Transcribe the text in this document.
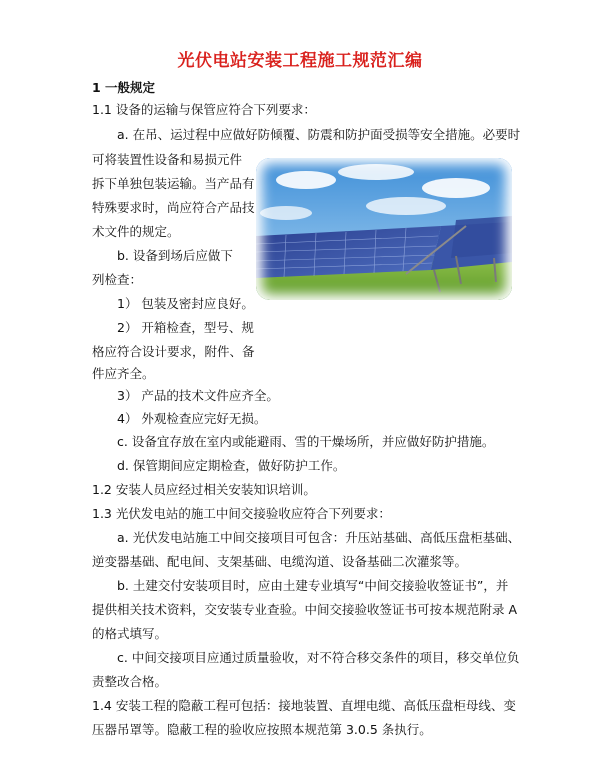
光伏电站安装工程施工规范汇编
1 一般规定
1.1 设备的运输与保管应符合下列要求：
a. 在吊、运过程中应做好防倾覆、防震和防护面受损等安全措施。必要时
可将装置性设备和易损元件
拆下单独包装运输。当产品有
特殊要求时，尚应符合产品技
术文件的规定。
b. 设备到场后应做下
列检查：
1） 包装及密封应良好。
2） 开箱检查，型号、规
格应符合设计要求，附件、备
件应齐全。
3） 产品的技术文件应齐全。
4） 外观检查应完好无损。
c. 设备宜存放在室内或能避雨、雪的干燥场所，并应做好防护措施。
d. 保管期间应定期检查，做好防护工作。
1.2 安装人员应经过相关安装知识培训。
1.3 光伏发电站的施工中间交接验收应符合下列要求：
a. 光伏发电站施工中间交接项目可包含：升压站基础、高低压盘柜基础、
逆变器基础、配电间、支架基础、电缆沟道、设备基础二次灌浆等。
b. 土建交付安装项目时，应由土建专业填写“中间交接验收签证书”，并
提供相关技术资料，交安装专业查验。中间交接验收签证书可按本规范附录 A
的格式填写。
c. 中间交接项目应通过质量验收，对不符合移交条件的项目，移交单位负
责整改合格。
1.4 安装工程的隐蔽工程可包括：接地装置、直埋电缆、高低压盘柜母线、变
压器吊罩等。隐蔽工程的验收应按照本规范第 3.0.5 条执行。
